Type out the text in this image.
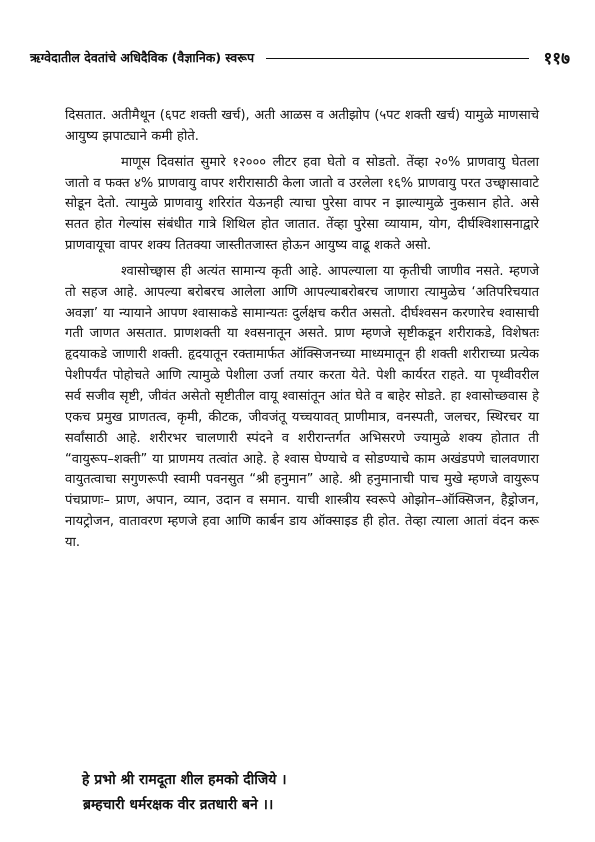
ऋग्वेदातील देवतांचे अधिदैविक (वैज्ञानिक) स्वरूप	११७

दिसतात. अतीमैथून (६पट शक्ती खर्च), अती आळस व अतीझोप (५पट शक्ती खर्च) यामुळे माणसाचे आयुष्य झपाट्याने कमी होते.

माणूस दिवसांत सुमारे १२००० लीटर हवा घेतो व सोडतो. तेंव्हा २०% प्राणवायु घेतला जातो व फक्त ४% प्राणवायु वापर शरीरासाठी केला जातो व उरलेला १६% प्राणवायु परत उच्छ्वासावाटे सोडून देतो. त्यामुळे प्राणवायु शरिरांत येऊनही त्याचा पुरेसा वापर न झाल्यामुळे नुकसान होते. असे सतत होत गेल्यांस संबंधीत गात्रे शिथिल होत जातात. तेंव्हा पुरेसा व्यायाम, योग, दीर्घश्विशासनाद्वारे प्राणवायूचा वापर शक्य तितक्या जास्तीतजास्त होऊन आयुष्य वाढू शकते असो.

श्वासोच्छ्वास ही अत्यंत सामान्य कृती आहे. आपल्याला या कृतीची जाणीव नसते. म्हणजे तो सहज आहे. आपल्या बरोबरच आलेला आणि आपल्याबरोबरच जाणारा त्यामुळेच ‘अतिपरिचयात अवज्ञा’ या न्यायाने आपण श्वासाकडे सामान्यतः दुर्लक्षच करीत असतो. दीर्घश्वसन करणारेच श्वासाची गती जाणत असतात. प्राणशक्ती या श्वसनातून असते. प्राण म्हणजे सृष्टीकडून शरीराकडे, विशेषतः हृदयाकडे जाणारी शक्ती. हृदयातून रक्तामार्फत ऑक्सिजनच्या माध्यमातून ही शक्ती शरीराच्या प्रत्येक पेशीपर्यंत पोहोचते आणि त्यामुळे पेशीला उर्जा तयार करता येते. पेशी कार्यरत राहते. या पृथ्वीवरील सर्व सजीव सृष्टी, जीवंत असेतो सृष्टीतील वायू श्वासांतून आंत घेते व बाहेर सोडते. हा श्वासोच्छवास हे एकच प्रमुख प्राणतत्व, कृमी, कीटक, जीवजंतू यच्चयावत् प्राणीमात्र, वनस्पती, जलचर, स्थिरचर या सर्वांसाठी आहे. शरीरभर चालणारी स्पंदने व शरीरान्तर्गत अभिसरणे ज्यामुळे शक्य होतात ती “वायुरूप–शक्ती” या प्राणमय तत्वांत आहे. हे श्वास घेण्याचे व सोडण्याचे काम अखंडपणे चालवणारा वायुतत्वाचा सगुणरूपी स्वामी पवनसुत “श्री हनुमान” आहे. श्री हनुमानाची पाच मुखे म्हणजे वायुरूप पंचप्राणः– प्राण, अपान, व्यान, उदान व समान. याची शास्त्रीय स्वरूपे ओझोन–ऑक्सिजन, हैड्रोजन, नायट्रोजन, वातावरण म्हणजे हवा आणि कार्बन डाय ऑक्साइड ही होत. तेव्हा त्याला आतां वंदन करू या.

हे प्रभो श्री रामदूता शील हमको दीजिये ।
ब्रम्हचारी धर्मरक्षक वीर व्रतधारी बने ।।
